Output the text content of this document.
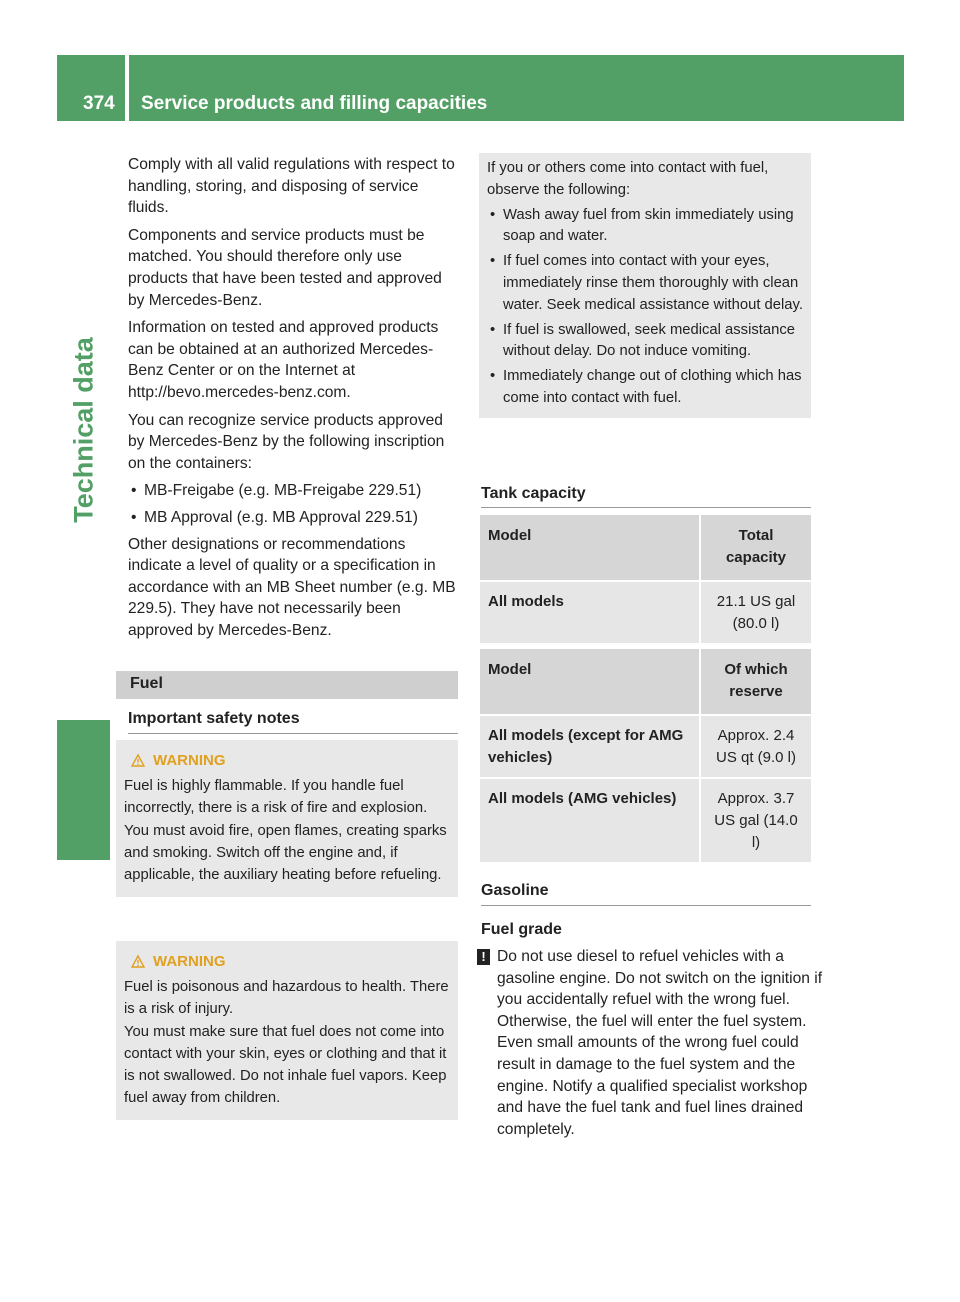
374 Service products and filling capacities
Technical data

Comply with all valid regulations with respect to handling, storing, and disposing of service fluids.

Components and service products must be matched. You should therefore only use products that have been tested and approved by Mercedes-Benz.

Information on tested and approved products can be obtained at an authorized Mercedes-Benz Center or on the Internet at http://bevo.mercedes-benz.com.

You can recognize service products approved by Mercedes-Benz by the following inscription on the containers:

• MB-Freigabe (e.g. MB-Freigabe 229.51)
• MB Approval (e.g. MB Approval 229.51)

Other designations or recommendations indicate a level of quality or a specification in accordance with an MB Sheet number (e.g. MB 229.5). They have not necessarily been approved by Mercedes-Benz.

Fuel
Important safety notes
WARNING

Fuel is highly flammable. If you handle fuel incorrectly, there is a risk of fire and explosion.

You must avoid fire, open flames, creating sparks and smoking. Switch off the engine and, if applicable, the auxiliary heating before refueling.

WARNING

Fuel is poisonous and hazardous to health. There is a risk of injury.

You must make sure that fuel does not come into contact with your skin, eyes or clothing and that it is not swallowed. Do not inhale fuel vapors. Keep fuel away from children.

If you or others come into contact with fuel, observe the following:

• Wash away fuel from skin immediately using soap and water.
• If fuel comes into contact with your eyes, immediately rinse them thoroughly with clean water. Seek medical assistance without delay.
• If fuel is swallowed, seek medical assistance without delay. Do not induce vomiting.
• Immediately change out of clothing which has come into contact with fuel.
Tank capacity
Model	Total capacity
All models	21.1 US gal (80.0 l)
Model	Of which reserve
All models (except for AMG vehicles)	Approx. 2.4 US qt (9.0 l)
All models (AMG vehicles)	Approx. 3.7 US gal (14.0 l)
Gasoline
Fuel grade
! Do not use diesel to refuel vehicles with a gasoline engine. Do not switch on the ignition if you accidentally refuel with the wrong fuel. Otherwise, the fuel will enter the fuel system. Even small amounts of the wrong fuel could result in damage to the fuel system and the engine. Notify a qualified specialist workshop and have the fuel tank and fuel lines drained completely.
